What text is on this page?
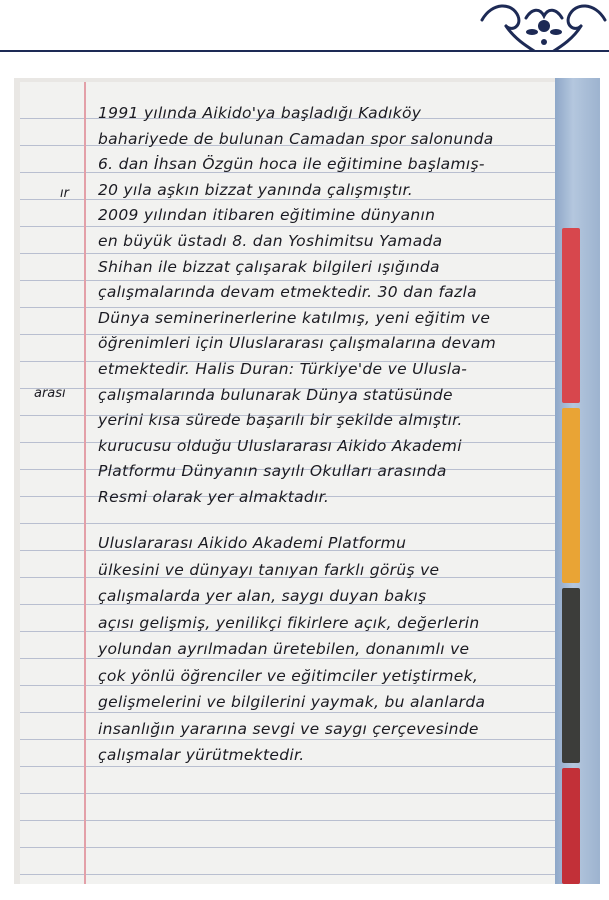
1991 yılında Aikido'ya başladığı Kadıköy
bahariyede de bulunan Camadan spor salonunda
6. dan İhsan Özgün hoca ile eğitimine başlamış-
20 yıla aşkın bizzat yanında çalışmıştır.
2009 yılından itibaren eğitimine dünyanın
en büyük üstadı 8. dan Yoshimitsu Yamada
Shihan ile bizzat çalışarak bilgileri ışığında
çalışmalarında devam etmektedir. 30 dan fazla
Dünya seminerinerlerine katılmış, yeni eğitim ve
öğrenimleri için Uluslararası çalışmalarına devam
etmektedir. Halis Duran: Türkiye'de ve Ulusla-
çalışmalarında bulunarak Dünya statüsünde
yerini kısa sürede başarılı bir şekilde almıştır.
kurucusu olduğu Uluslararası Aikido Akademi
Platformu Dünyanın sayılı Okulları arasında
Resmi olarak yer almaktadır.
Uluslararası Aikido Akademi Platformu
ülkesini ve dünyayı tanıyan farklı görüş ve
çalışmalarda yer alan, saygı duyan bakış
açısı gelişmiş, yenilikçi fikirlere açık, değerlerin
yolundan ayrılmadan üretebilen, donanımlı ve
çok yönlü öğrenciler ve eğitimciler yetiştirmek,
gelişmelerini ve bilgilerini yaymak, bu alanlarda
insanlığın yararına sevgi ve saygı çerçevesinde
çalışmalar yürütmektedir.
ır
arası
